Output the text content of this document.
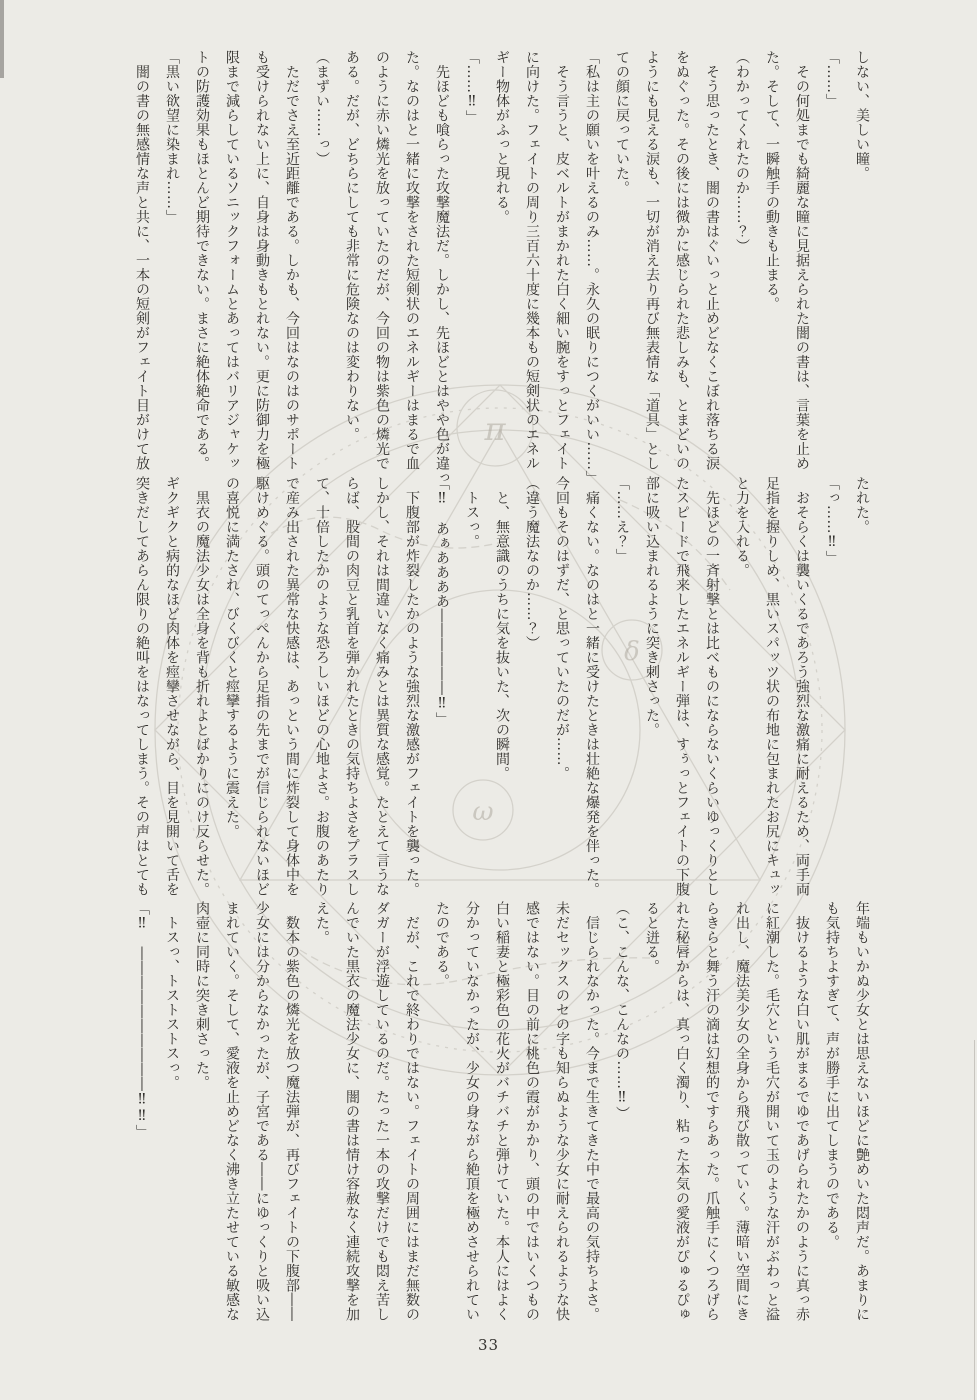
π
δ
ω

しない、美しい瞳。

「……」

　その何処までも綺麗な瞳に見据えられた闇の書は、言葉を止め

た。そして、一瞬触手の動きも止まる。

（わかってくれたのか……？）

　そう思ったとき、闇の書はぐいっと止めどなくこぼれ落ちる涙

をぬぐった。その後には微かに感じられた悲しみも、とまどいの

ようにも見える涙も、一切が消え去り再び無表情な「道具」とし

ての顔に戻っていた。

「私は主の願いを叶えるのみ……。永久の眠りにつくがいい……」

　そう言うと、皮ベルトがまかれた白く細い腕をすっとフェイト

に向けた。フェイトの周り三百六十度に幾本もの短剣状のエネル

ギー物体がふっと現れる。

「……‼」

　先ほども喰らった攻撃魔法だ。しかし、先ほどとはやや色が違っ

た。なのはと一緒に攻撃をされた短剣状のエネルギーはまるで血

のように赤い燐光を放っていたのだが、今回の物は紫色の燐光で

ある。だが、どちらにしても非常に危険なのは変わりない。

（まずい……っ）

　ただでさえ至近距離である。しかも、今回はなのはのサポート

も受けられない上に、自身は身動きもとれない。更に防御力を極

限まで減らしているソニックフォームとあってはバリアジャケッ

トの防護効果もほとんど期待できない。まさに絶体絶命である。

「黒い欲望に染まれ……」

　闇の書の無感情な声と共に、一本の短剣がフェイト目がけて放

たれた。

「っ……‼」

　おそらくは襲いくるであろう強烈な激痛に耐えるため、両手両

足指を握りしめ、黒いスパッツ状の布地に包まれたお尻にキュッ

と力を入れる。

　先ほどの一斉射撃とは比べものにならないくらいゆっくりとし

たスピードで飛来したエネルギー弾は、すぅっとフェイトの下腹

部に吸い込まれるように突き刺さった。

「……え？」

　痛くない。なのはと一緒に受けたときは壮絶な爆発を伴った。

今回もそのはずだ、と思っていたのだが……。

（違う魔法なのか……？）

　と、無意識のうちに気を抜いた、次の瞬間。

　トスっ。

「‼　あぁああああ――――――‼」

　下腹部が炸裂したかのような強烈な激感がフェイトを襲った。

しかし、それは間違いなく痛みとは異質な感覚。たとえて言うな

らば、股間の肉豆と乳首を弾かれたときの気持ちよさをプラスし

て、十倍したかのような恐ろしいほどの心地よさ。お腹のあたり

で産み出された異常な快感は、あっという間に炸裂して身体中を

駆けめぐる。頭のてっぺんから足指の先までが信じられないほど

の喜悦に満たされ、びくびくと痙攣するように震えた。

　黒衣の魔法少女は全身を背も折れよとばかりにのけ反らせた。

ギクギクと病的なほど肉体を痙攣させながら、目を見開いて舌を

突きだしてあらん限りの絶叫をはなってしまう。その声はとても

年端もいかぬ少女とは思えないほどに艶めいた悶声だ。あまりに

も気持ちよすぎて、声が勝手に出てしまうのである。

　抜けるような白い肌がまるでゆであげられたかのように真っ赤

に紅潮した。毛穴という毛穴が開いて玉のような汗がぶわっと溢

れ出し、魔法美少女の全身から飛び散っていく。薄暗い空間にき

らきらと舞う汗の滴は幻想的ですらあった。爪触手にくつろげら

れた秘唇からは、真っ白く濁り、粘った本気の愛液がぴゅるぴゅ

ると迸る。

（こ、こんな、こんなの……‼）

　信じられなかった。今まで生きてきた中で最高の気持ちよさ。

未だセックスのセの字も知らぬような少女に耐えられるような快

感ではない。目の前に桃色の霞がかかり、頭の中ではいくつもの

白い稲妻と極彩色の花火がバチバチと弾けていた。本人にはよく

分かっていなかったが、少女の身ながら絶頂を極めさせられてい

たのである。

　だが、これで終わりではない。フェイトの周囲にはまだ無数の

ダガーが浮遊しているのだ。たった一本の攻撃だけでも悶え苦し

んでいた黒衣の魔法少女に、闇の書は情け容赦なく連続攻撃を加

えた。

　数本の紫色の燐光を放つ魔法弾が、再びフェイトの下腹部――

少女には分からなかったが、子宮である――にゆっくりと吸い込

まれていく。そして、愛液を止めどなく沸き立たせている敏感な

肉壺に同時に突き刺さった。

　トスっ、トストストスっ。

「‼　――――――――――‼‼」

33
